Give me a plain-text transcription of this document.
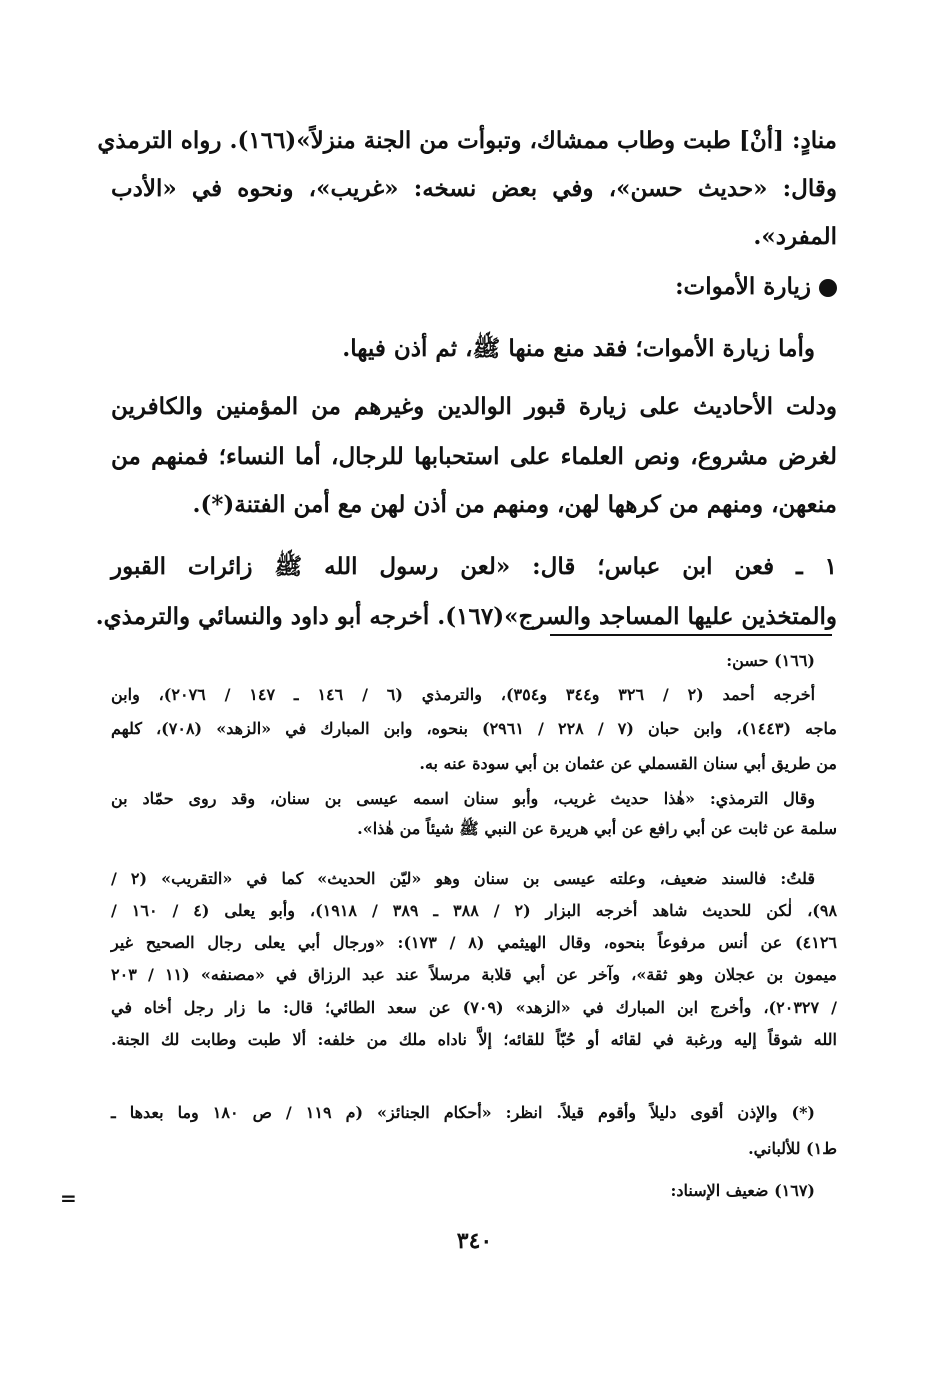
منادٍ: [أنْ] طبت وطاب ممشاك، وتبوأت من الجنة منزلاً»(١٦٦). رواه الترمذي
وقال: «حديث حسن»، وفي بعض نسخه: «غريب»، ونحوه في «الأدب
المفرد».
زيارة الأموات:
وأما زيارة الأموات؛ فقد منع منها ﷺ، ثم أذن فيها.
ودلت الأحاديث على زيارة قبور الوالدين وغيرهم من المؤمنين والكافرين
لغرض مشروع، ونص العلماء على استحبابها للرجال، أما النساء؛ فمنهم من
منعهن، ومنهم من كرهها لهن، ومنهم من أذن لهن مع أمن الفتنة(*).
١ ـ فعن ابن عباس؛ قال: «لعن رسول الله ﷺ زائرات القبور
والمتخذين عليها المساجد والسرج»(١٦٧). أخرجه أبو داود والنسائي والترمذي.
(١٦٦) حسن:
أخرجه أحمد (٢ / ٣٢٦ و٣٤٤ و٣٥٤)، والترمذي (٦ / ١٤٦ ـ ١٤٧ / ٢٠٧٦)، وابن
ماجه (١٤٤٣)، وابن حبان (٧ / ٢٢٨ / ٢٩٦١) بنحوه، وابن المبارك في «الزهد» (٧٠٨)، كلهم
من طريق أبي سنان القسملي عن عثمان بن أبي سودة عنه به.
وقال الترمذي: «هٰذا حديث غريب، وأبو سنان اسمه عيسى بن سنان، وقد روى حمّاد بن
سلمة عن ثابت عن أبي رافع عن أبي هريرة عن النبي ﷺ شيئاً من هٰذا».
قلتُ: فالسند ضعيف، وعلته عيسى بن سنان وهو «ليّن الحديث» كما في «التقريب» (٢ /
٩٨)، لٰكن للحديث شاهد أخرجه البزار (٢ / ٣٨٨ ـ ٣٨٩ / ١٩١٨)، وأبو يعلى (٤ / ١٦٠ /
٤١٢٦) عن أنس مرفوعاً بنحوه، وقال الهيثمي (٨ / ١٧٣): «ورجال أبي يعلى رجال الصحيح غير
ميمون بن عجلان وهو ثقة»، وآخر عن أبي قلابة مرسلاً عند عبد الرزاق في «مصنفه» (١١ / ٢٠٣
/ ٢٠٣٢٧)، وأخرج ابن المبارك في «الزهد» (٧٠٩) عن سعد الطائي؛ قال: ما زار رجل أخاه في
الله شوقاً إليه ورغبة في لقائه أو حُبّاً للقائه؛ إلاَّ ناداه ملك من خلفه: ألا طبت وطابت لك الجنة.
(*) والإذن أقوى دليلاً وأقوم قيلاً. انظر: «أحكام الجنائز» (م ١١٩ / ص ١٨٠ وما بعدها ـ
ط١) للألباني.
(١٦٧) ضعيف الإسناد:
=
٣٤٠
